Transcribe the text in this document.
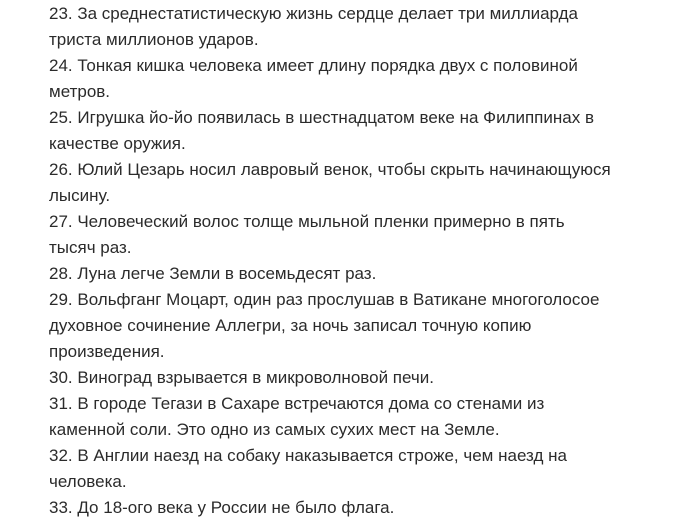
23. За среднестатистическую жизнь сердце делает три миллиарда
триста миллионов ударов.
24. Тонкая кишка человека имеет длину порядка двух с половиной
метров.
25. Игрушка йо-йо появилась в шестнадцатом веке на Филиппинах в
качестве оружия.
26. Юлий Цезарь носил лавровый венок, чтобы скрыть начинающуюся
лысину.
27. Человеческий волос толще мыльной пленки примерно в пять
тысяч раз.
28. Луна легче Земли в восемьдесят раз.
29. Вольфганг Моцарт, один раз прослушав в Ватикане многоголосое
духовное сочинение Аллегри, за ночь записал точную копию
произведения.
30. Виноград взрывается в микроволновой печи.
31. В городе Тегази в Сахаре встречаются дома со стенами из
каменной соли. Это одно из самых сухих мест на Земле.
32. В Англии наезд на собаку наказывается строже, чем наезд на
человека.
33. До 18-ого века у России не было флага.
